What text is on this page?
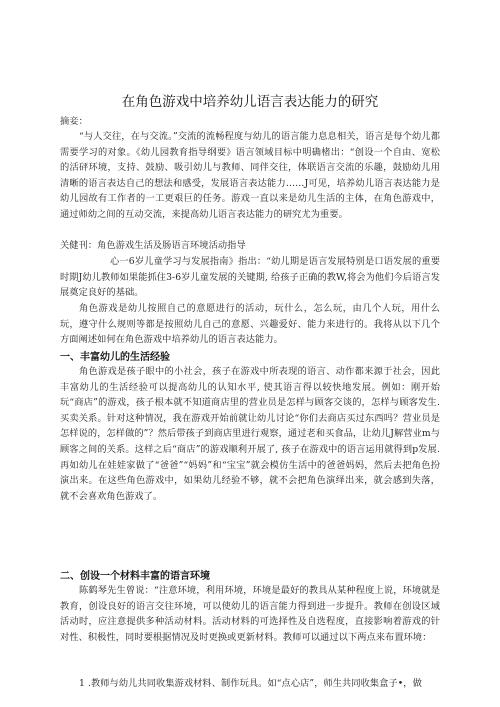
在角色游戏中培养幼儿语言表达能力的研究
摘妾：

“与人交往，在与交流。”交流的流畅程度与幼儿的语言能力息息相关，语言是每个幼儿都需要学习的对象。《幼儿园教育指导纲要》语言领域目标中明确楮出：“创设一个自由、宽松的活砰环境，支持、鼓励、吸引幼儿与教师、同伴交往，体联语言交流的乐趣，鼓励幼儿用清晰的语言表达自己的想法和感受，发展语言表达能力……J可见，培养幼儿语言表达能力是幼儿园故有工作者的一工更艰巨的任务。游戏一直以来是幼儿生活的主体，在角色游戏中，通过师幼之间的互动交流，来提高幼儿语言表达能力的研究尤为重要。

关健刊：角色游戏生活及肠语言环境活动指导

心一6岁儿童学习与发展指南》指出：“幼儿期是语言发展特别是口语发展的重要时期J幼儿教师如果能抓住3-6岁儿童发展的关键期, 给孩子正确的教W,将会为他们今后语言发展奠定良好的基础。

角色游戏是幼儿按照自己的意愿进行的活动，玩什么，怎么玩，由几个人玩，用什么玩，遵守什么规则等都是按照幼儿自己的意愿、兴趣爱好、能力来进行的。我将从以下几个方面阐述如何在角色游戏中培养幼儿的语言表达能力。

一、丰富幼儿的生活经验

角色游戏是孩子眼中的小社会，孩子在游戏中所表现的语言、动作都来源于社会，因此丰富幼儿的生活经验可以提高幼儿的认知水平, 使其语言得以较快地发展。例如：刚开始玩“商店”的游戏，孩子根本就不知道商店里的营业员是怎样与顾客交谈的，怎样与顾客发生.买卖关系。针对这种情况，我在游戏开始前就让幼儿讨论“你们去商店买过东西吗？营业员是怎样说的，怎样做的”？然后带孩子到商店里进行观察，通过老和买食品，让幼儿J解营业m与顾客之间的关系。这样之后“商店”的游戏顺利开展了, 孩子在游戏中的语言运用就得到p发展. 再如幼儿在娃娃家做了“爸爸”“妈妈”和“宝宝”就会模仿生活中的爸爸妈妈，然后去把角色扮演出来。在这些角色游戏中，如果幼儿经验不够，就不会把角色演绎出来，就会感到失落，就不会喜欢角色游戏了。

二、创设一个材料丰富的语言环境

陈鹤琴先生曾说：“注意环境，利用环境，环境是最好的教具从某种程度上说，环境就是教育，创设良好的语言交往环境，可以使幼儿的语言能力得到进一步提升。教师在创设区域活动时，应注意提供多种活动材料。活动材料的可选择性及自选程度，直接影响着游戏的针对性、积极性，同时要根据情况及时更换或更新材料。教师可以通过以下两点来布置环境：

1 .教师与幼儿共同收集游戏材料、制作玩具。如“点心店”，师生共同收集盒子•，做
